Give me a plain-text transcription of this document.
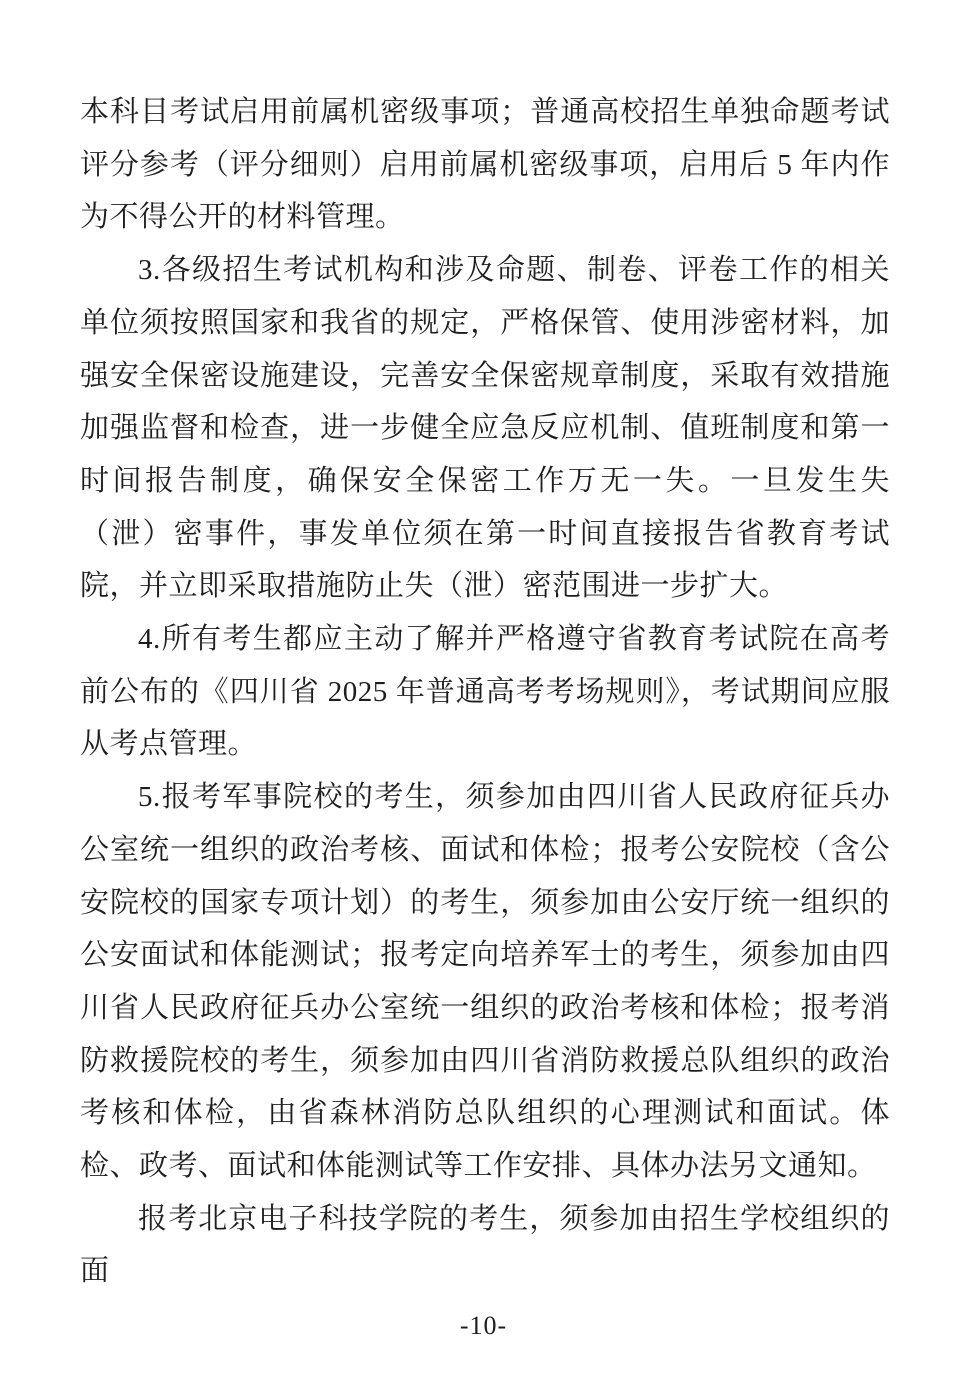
本科目考试启用前属机密级事项；普通高校招生单独命题考试评分参考（评分细则）启用前属机密级事项，启用后 5 年内作为不得公开的材料管理。

3.各级招生考试机构和涉及命题、制卷、评卷工作的相关单位须按照国家和我省的规定，严格保管、使用涉密材料，加强安全保密设施建设，完善安全保密规章制度，采取有效措施加强监督和检查，进一步健全应急反应机制、值班制度和第一时间报告制度，确保安全保密工作万无一失。一旦发生失（泄）密事件，事发单位须在第一时间直接报告省教育考试院，并立即采取措施防止失（泄）密范围进一步扩大。

4.所有考生都应主动了解并严格遵守省教育考试院在高考前公布的《四川省 2025 年普通高考考场规则》，考试期间应服从考点管理。

5.报考军事院校的考生，须参加由四川省人民政府征兵办公室统一组织的政治考核、面试和体检；报考公安院校（含公安院校的国家专项计划）的考生，须参加由公安厅统一组织的公安面试和体能测试；报考定向培养军士的考生，须参加由四川省人民政府征兵办公室统一组织的政治考核和体检；报考消防救援院校的考生，须参加由四川省消防救援总队组织的政治考核和体检，由省森林消防总队组织的心理测试和面试。体检、政考、面试和体能测试等工作安排、具体办法另文通知。

报考北京电子科技学院的考生，须参加由招生学校组织的面

-10-
